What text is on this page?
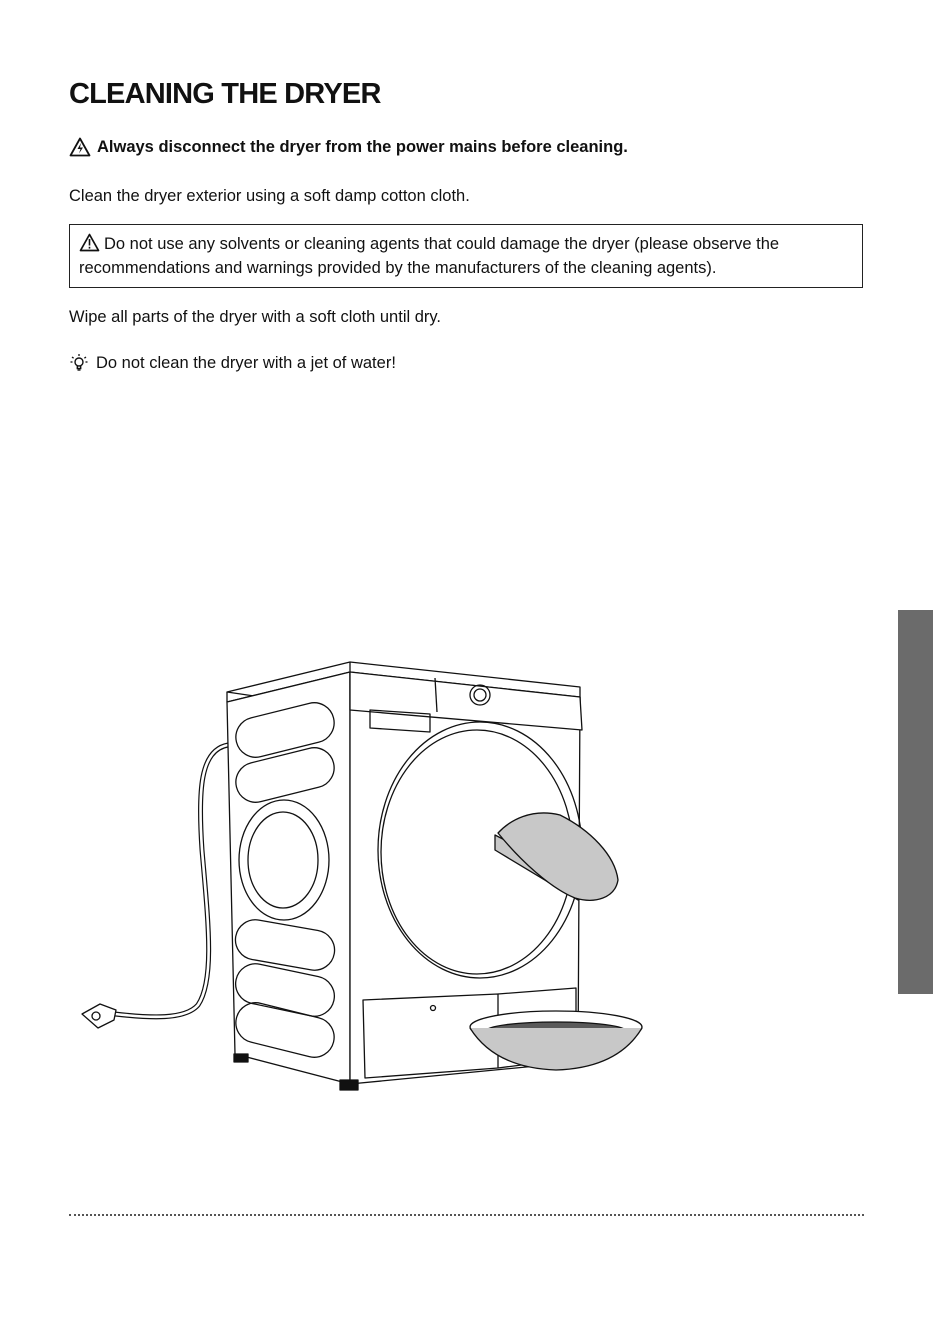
CLEANING THE DRYER
Always disconnect the dryer from the power mains before cleaning.
Clean the dryer exterior using a soft damp cotton cloth.
Do not use any solvents or cleaning agents that could damage the dryer (please observe the recommendations and warnings provided by the manufacturers of the cleaning agents).
Wipe all parts of the dryer with a soft cloth until dry.
Do not clean the dryer with a jet of water!
